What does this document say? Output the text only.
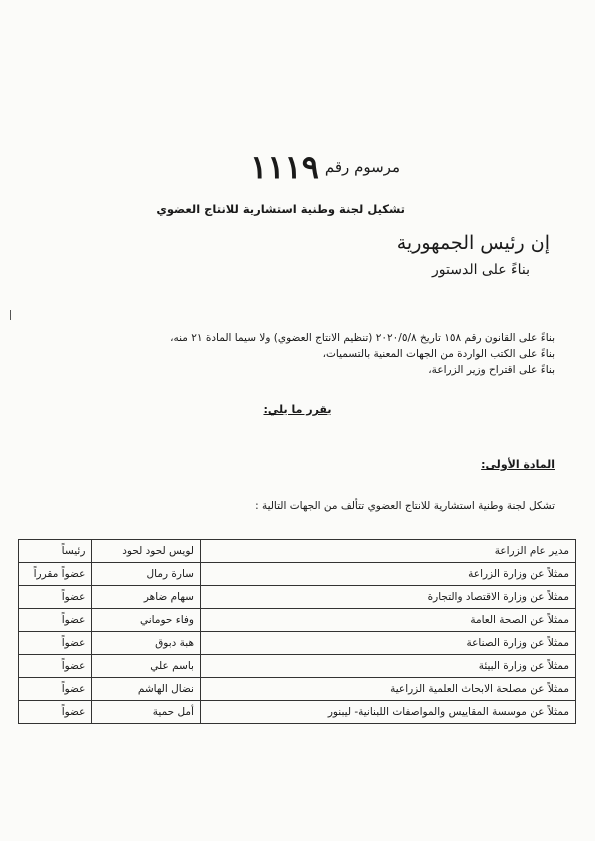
مرسوم رقم
١١١٩
تشكيل لجنة وطنية استشارية للانتاج العضوي
إن رئيس الجمهورية
بناءً على الدستور
بناءً على القانون رقم ١٥٨ تاريخ ٢٠٢٠/٥/٨ (تنظيم الانتاج العضوي) ولا سيما المادة ٢١ منه،
بناءً على الكتب الواردة من الجهات المعنية بالتسميات،
بناءً على اقتراح وزير الزراعة،
يقرر ما يلي:
المادة الأولى:
تشكل لجنة وطنية استشارية للانتاج العضوي تتألف من الجهات التالية :
مدير عام الزراعة	لويس لحود لحود	رئيساً
ممثلاً عن وزارة الزراعة	سارة رمال	عضواً مقرراً
ممثلاً عن وزارة الاقتصاد والتجارة	سهام ضاهر	عضواً
ممثلاً عن الصحة العامة	وفاء حوماني	عضواً
ممثلاً عن وزارة الصناعة	هبة دبوق	عضواً
ممثلاً عن وزارة البيئة	باسم علي	عضواً
ممثلاً عن مصلحة الابحاث العلمية الزراعية	نضال الهاشم	عضواً
ممثلاً عن موسسة المقاييس والمواصفات اللبنانية- ليبنور	أمل حمية	عضواً
